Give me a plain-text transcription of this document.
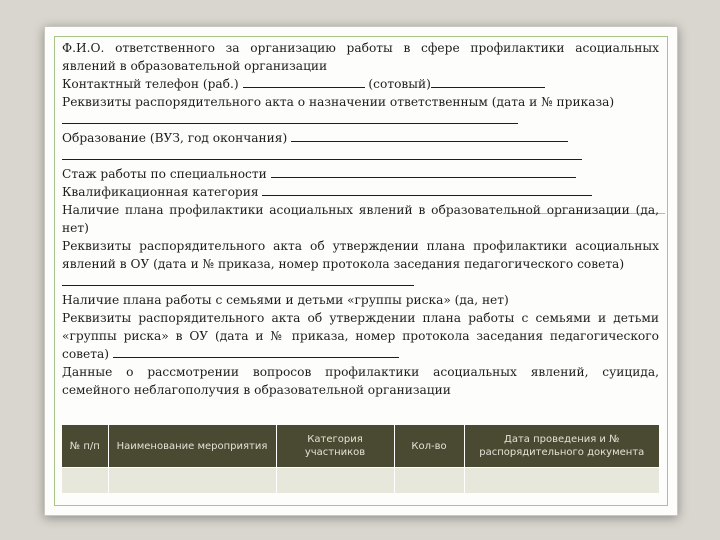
Ф.И.О. ответственного за организацию работы в сфере профилактики асоциальных явлений в образовательной организации

Контактный телефон (раб.)	(сотовый)

Реквизиты распорядительного акта о назначении ответственным (дата и № приказа)

Образование (ВУЗ, год окончания)

Стаж работы по специальности

Квалификационная категория

Наличие плана профилактики асоциальных явлений в образовательной организации (да, нет)

Реквизиты распорядительного акта об утверждении плана профилактики асоциальных явлений в ОУ (дата и № приказа, номер протокола заседания педагогического совета)

Наличие плана работы с семьями и детьми «группы риска» (да, нет)

Реквизиты распорядительного акта об утверждении плана работы с семьями и детьми «группы риска» в ОУ (дата и № приказа, номер протокола заседания педагогического совета)

Данные о рассмотрении вопросов профилактики асоциальных явлений, суицида, семейного неблагополучия в образовательной организации

№ п/п	Наименование мероприятия	Категория участников	Кол-во	Дата проведения и № распорядительного документа
